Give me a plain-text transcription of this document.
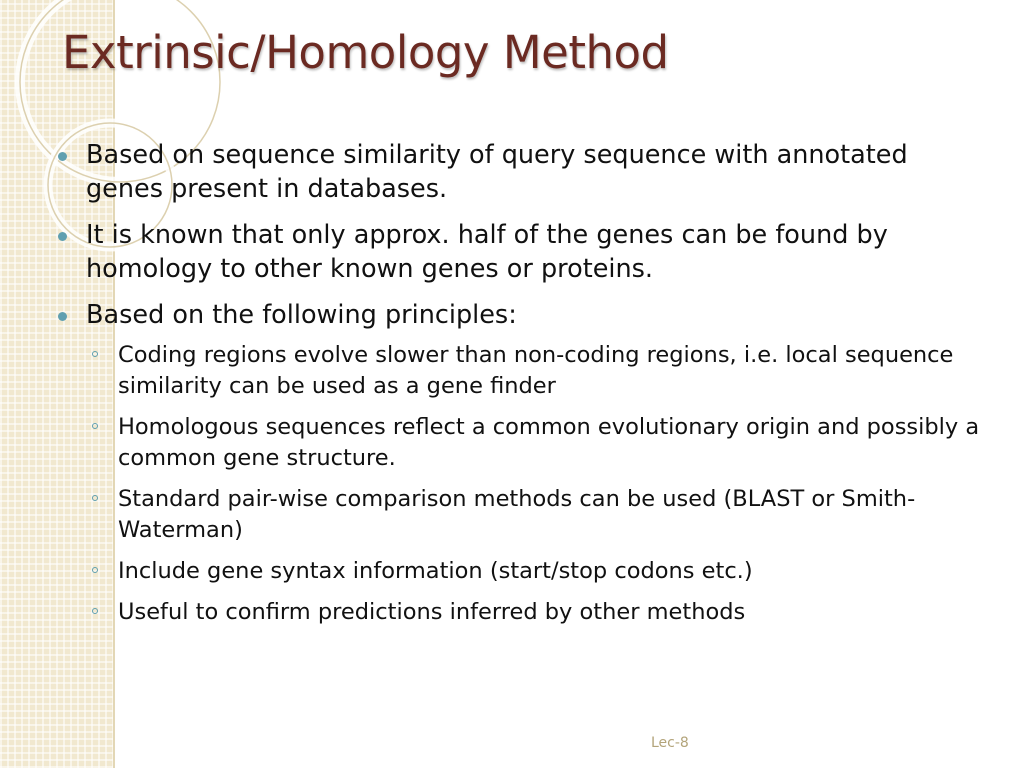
Extrinsic/Homology Method
Based on sequence similarity of query sequence with annotated genes present in databases.
It is known that only approx. half of the genes can be found by homology to other known genes or proteins.
Based on the following principles:
Coding regions evolve slower than non-coding regions, i.e. local sequence similarity can be used as a gene finder
Homologous sequences reflect a common evolutionary origin and possibly a common gene structure.
Standard pair-wise comparison methods can be used (BLAST or Smith-Waterman)
Include gene syntax information (start/stop codons etc.)
Useful to confirm predictions inferred by other methods
Lec-8
